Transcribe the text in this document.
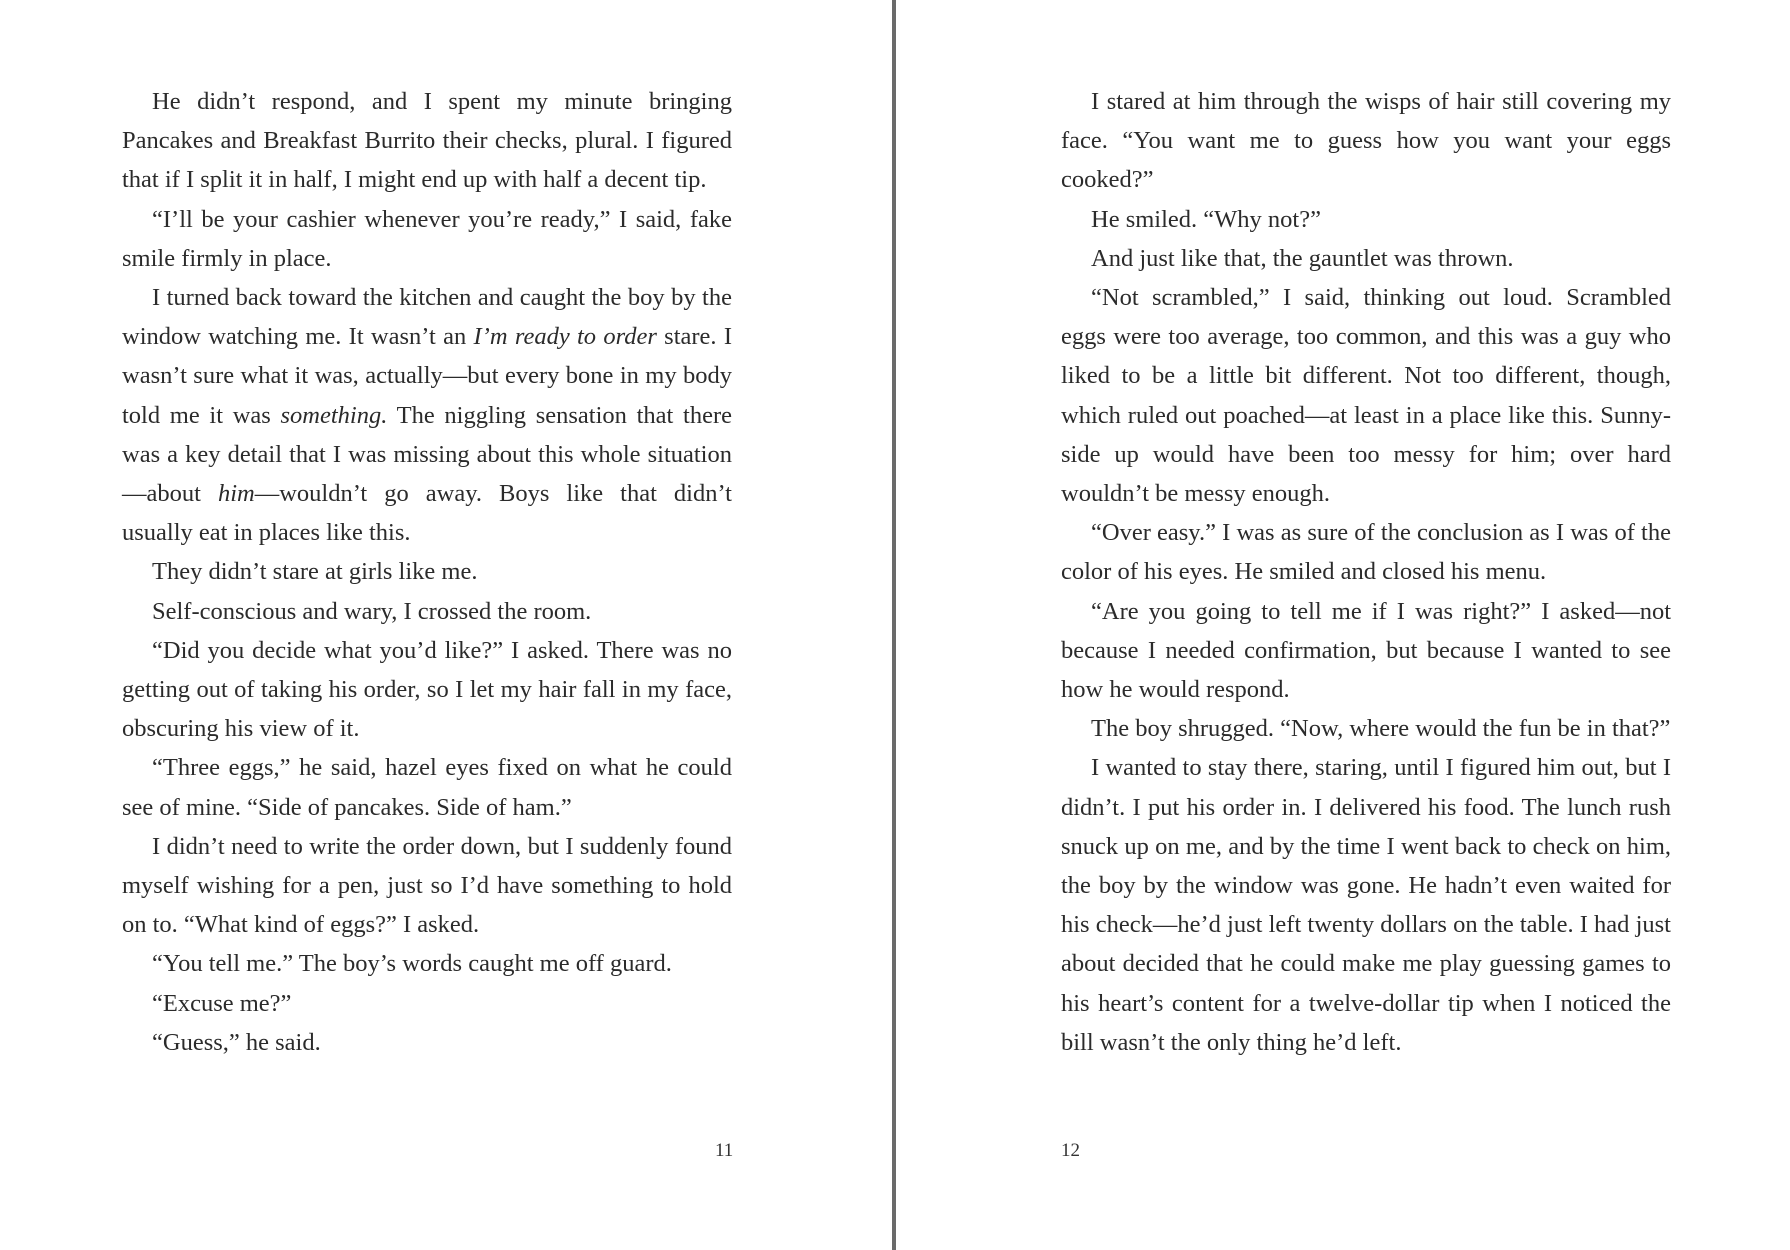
He didn’t respond, and I spent my minute bringing Pancakes and Breakfast Burrito their checks, plural. I figured that if I split it in half, I might end up with half a decent tip.

“I’ll be your cashier whenever you’re ready,” I said, fake smile firmly in place.

I turned back toward the kitchen and caught the boy by the window watching me. It wasn’t an I’m ready to order stare. I wasn’t sure what it was, actually—but every bone in my body told me it was something. The niggling sensation that there was a key detail that I was missing about this whole situation—about him—wouldn’t go away. Boys like that didn’t usually eat in places like this.

They didn’t stare at girls like me.

Self-conscious and wary, I crossed the room.

“Did you decide what you’d like?” I asked. There was no getting out of taking his order, so I let my hair fall in my face, obscuring his view of it.

“Three eggs,” he said, hazel eyes fixed on what he could see of mine. “Side of pancakes. Side of ham.”

I didn’t need to write the order down, but I suddenly found myself wishing for a pen, just so I’d have something to hold on to. “What kind of eggs?” I asked.

“You tell me.” The boy’s words caught me off guard.

“Excuse me?”

“Guess,” he said.

11

I stared at him through the wisps of hair still covering my face. “You want me to guess how you want your eggs cooked?”

He smiled. “Why not?”

And just like that, the gauntlet was thrown.

“Not scrambled,” I said, thinking out loud. Scrambled eggs were too average, too common, and this was a guy who liked to be a little bit different. Not too different, though, which ruled out poached—at least in a place like this. Sunny-side up would have been too messy for him; over hard wouldn’t be messy enough.

“Over easy.” I was as sure of the conclusion as I was of the color of his eyes. He smiled and closed his menu.

“Are you going to tell me if I was right?” I asked—not because I needed confirmation, but because I wanted to see how he would respond.

The boy shrugged. “Now, where would the fun be in that?”

I wanted to stay there, staring, until I figured him out, but I didn’t. I put his order in. I delivered his food. The lunch rush snuck up on me, and by the time I went back to check on him, the boy by the window was gone. He hadn’t even waited for his check—he’d just left twenty dollars on the table. I had just about decided that he could make me play guessing games to his heart’s content for a twelve-dollar tip when I noticed the bill wasn’t the only thing he’d left.

12
